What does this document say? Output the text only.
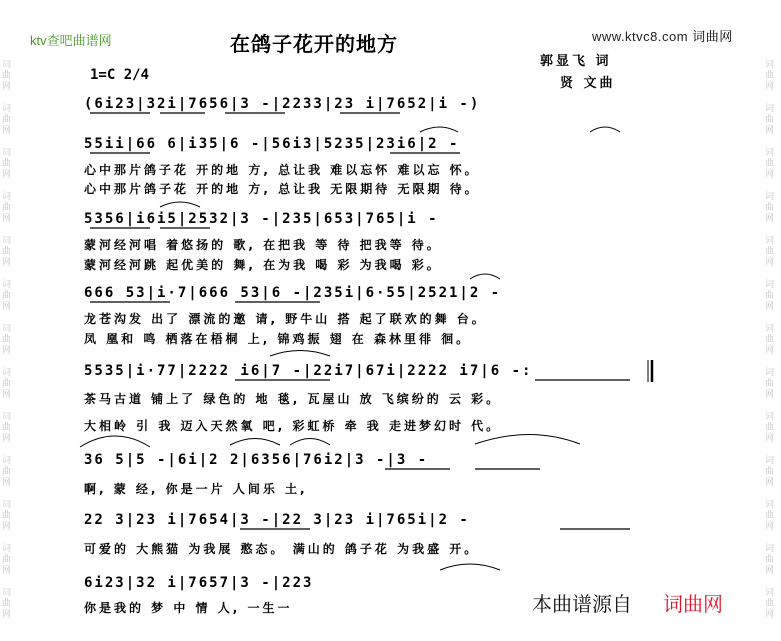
词曲网

词曲网

词曲网

词曲网

词曲网

词曲网

词曲网

词曲网

词曲网

词曲网

词曲网

词曲网

词曲网
词曲网

词曲网

词曲网

词曲网

词曲网

词曲网

词曲网

词曲网

词曲网

词曲网

词曲网

词曲网

词曲网
ktv查吧曲谱网	www.ktvc8.com 词曲网
在鸽子花开的地方
郭显飞 词
贤 文曲
1=C 2/4
(6i23|32i|7656|3 -|2233|23 i|7652|i -)
55ii|66 6|i35|6 -|56i3|5235|23i6|2 -
心中那片鸽子花 开的地 方, 总让我 难以忘怀 难以忘 怀。
心中那片鸽子花 开的地 方, 总让我 无限期待 无限期 待。
5356|i6i5|2532|3 -|235|653|765|i -
蒙河经河唱 着悠扬的 歌, 在把我 等 待 把我等 待。
蒙河经河跳 起优美的 舞, 在为我 喝 彩 为我喝 彩。
666 53|i·7|666 53|6 -|235i|6·55|2521|2 -
龙苍沟发 出了 漂流的邀 请, 野牛山 搭 起了联欢的舞 台。
凤 凰和 鸣 栖落在梧桐 上, 锦鸡振 翅 在 森林里徘 徊。
5535|i·77|2222 i6|7 -|22i7|67i|2222 i7|6 -:
茶马古道 铺上了 绿色的 地 毯, 瓦屋山 放 飞缤纷的 云 彩。
大相岭 引 我 迈入天然氧 吧, 彩虹桥 牵 我 走进梦幻时 代。
36 5|5 -|6i|2 2|6356|76i2|3 -|3 -
啊, 蒙 经, 你是一片 人间乐 土,
22 3|23 i|7654|3 -|22 3|23 i|765i|2 -
可爱的 大熊猫 为我展 憨态。 满山的 鸽子花 为我盛 开。
6i23|32 i|7657|3 -|223
你是我的 梦 中 情 人, 一生一	本曲谱源自 词曲网
